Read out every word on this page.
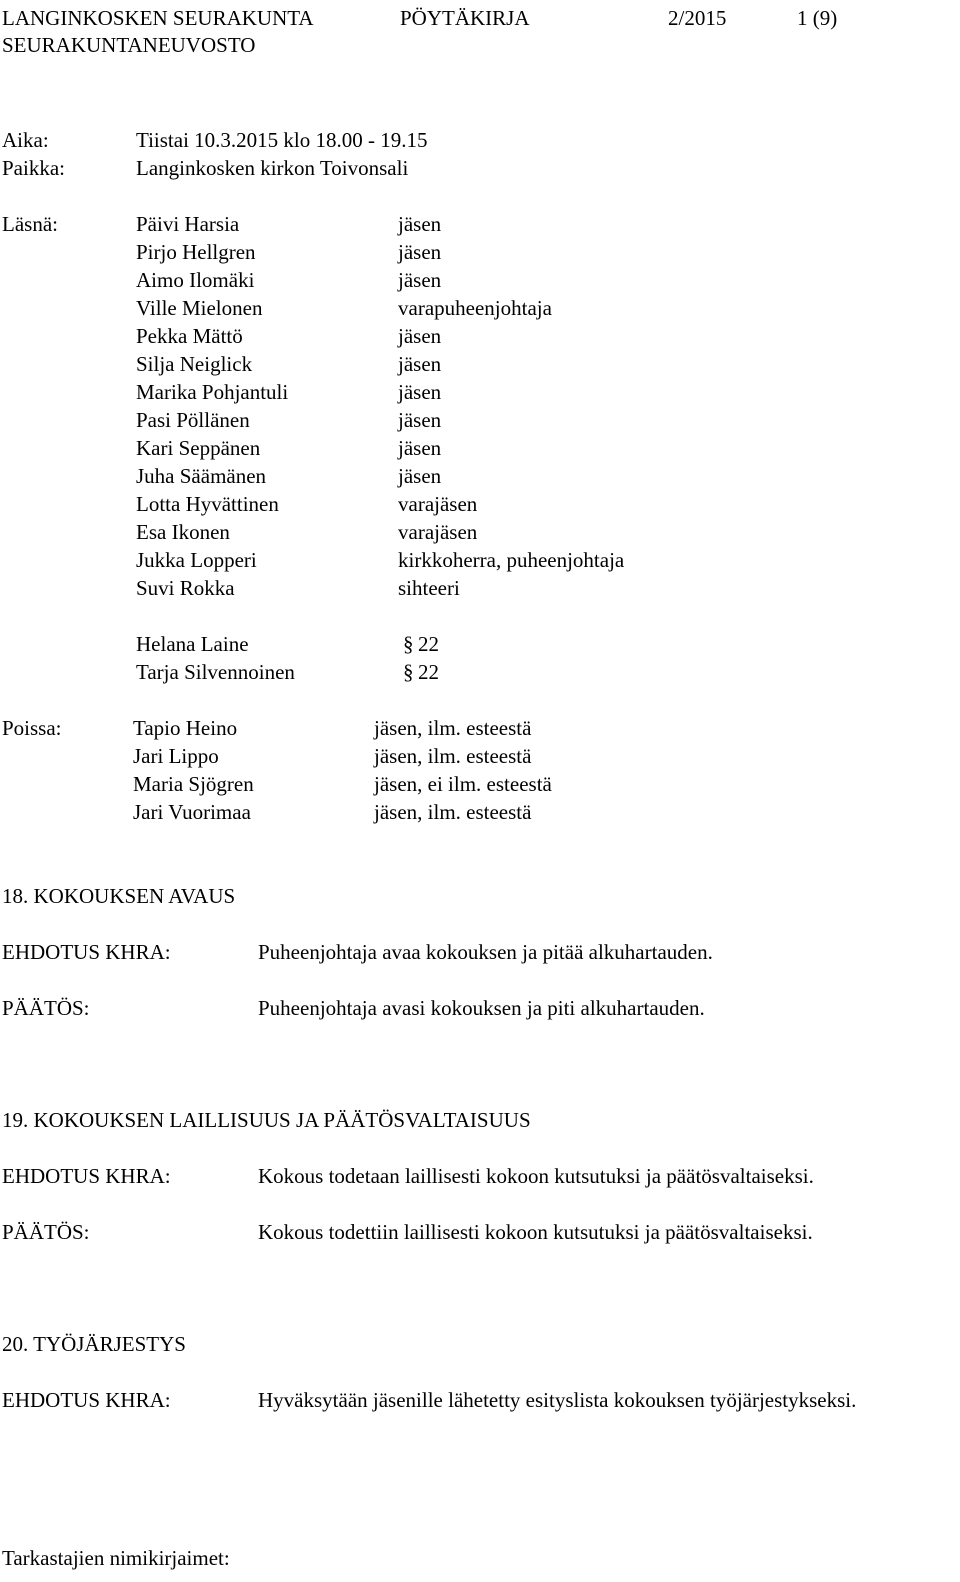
LANGINKOSKEN SEURAKUNTA	PÖYTÄKIRJA	2/2015	1 (9)
SEURAKUNTANEUVOSTO
Aika:	Tiistai 10.3.2015 klo 18.00 - 19.15
Paikka:	Langinkosken kirkon Toivonsali
Läsnä:	Päivi Harsia	jäsen
Pirjo Hellgren	jäsen
Aimo Ilomäki	jäsen
Ville Mielonen	varapuheenjohtaja
Pekka Mättö	jäsen
Silja Neiglick	jäsen
Marika Pohjantuli	jäsen
Pasi Pöllänen	jäsen
Kari Seppänen	jäsen
Juha Säämänen	jäsen
Lotta Hyvättinen	varajäsen
Esa Ikonen	varajäsen
Jukka Lopperi	kirkkoherra, puheenjohtaja
Suvi Rokka	sihteeri
Helana Laine	§ 22
Tarja Silvennoinen	§ 22
Poissa:	Tapio Heino	jäsen, ilm. esteestä
Jari Lippo	jäsen, ilm. esteestä
Maria Sjögren	jäsen, ei ilm. esteestä
Jari Vuorimaa	jäsen, ilm. esteestä
18. KOKOUKSEN AVAUS
EHDOTUS KHRA:	Puheenjohtaja avaa kokouksen ja pitää alkuhartauden.
PÄÄTÖS:	Puheenjohtaja avasi kokouksen ja piti alkuhartauden.
19. KOKOUKSEN LAILLISUUS JA PÄÄTÖSVALTAISUUS
EHDOTUS KHRA:	Kokous todetaan laillisesti kokoon kutsutuksi ja päätösvaltaiseksi.
PÄÄTÖS:	Kokous todettiin laillisesti kokoon kutsutuksi ja päätösvaltaiseksi.
20. TYÖJÄRJESTYS
EHDOTUS KHRA:	Hyväksytään jäsenille lähetetty esityslista kokouksen työjärjestykseksi.
Tarkastajien nimikirjaimet:
